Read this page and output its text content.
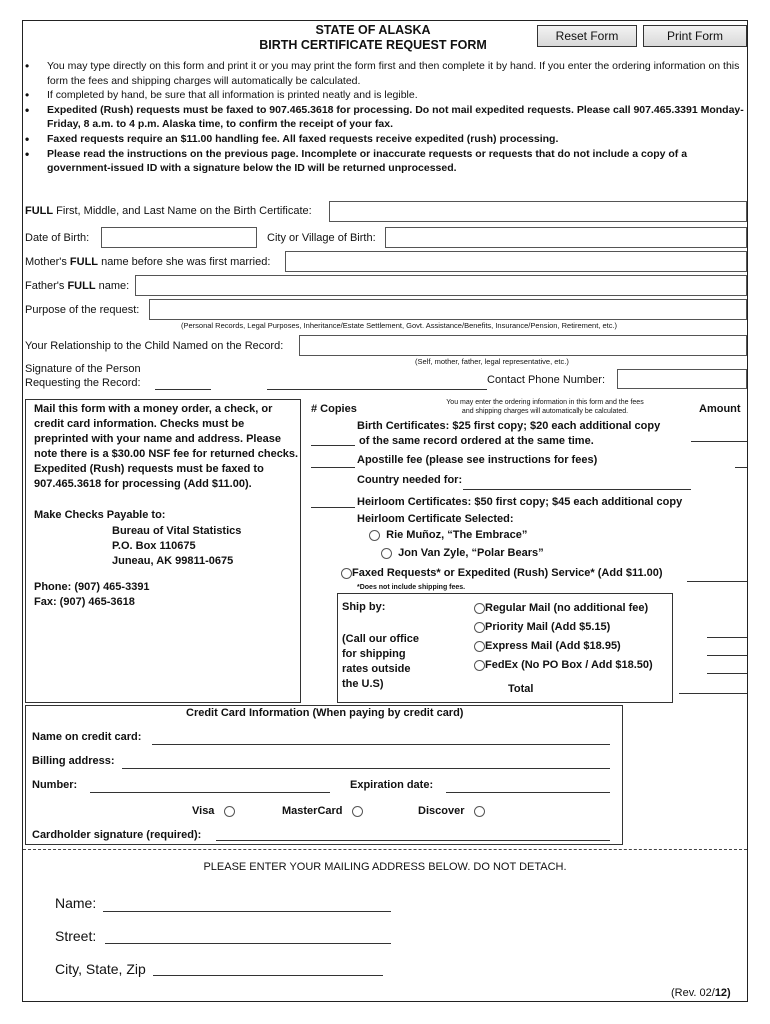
STATE OF ALASKA
BIRTH CERTIFICATE REQUEST FORM
Reset Form	Print Form
• You may type directly on this form and print it or you may print the form first and then complete it by hand. If you enter the ordering information on this form the fees and shipping charges will automatically be calculated.
• If completed by hand, be sure that all information is printed neatly and is legible.
• Expedited (Rush) requests must be faxed to 907.465.3618 for processing. Do not mail expedited requests. Please call 907.465.3391 Monday-Friday, 8 a.m. to 4 p.m. Alaska time, to confirm the receipt of your fax.
• Faxed requests require an $11.00 handling fee. All faxed requests receive expedited (rush) processing.
• Please read the instructions on the previous page. Incomplete or inaccurate requests or requests that do not include a copy of a government-issued ID with a signature below the ID will be returned unprocessed.
FULL First, Middle, and Last Name on the Birth Certificate:
Date of Birth:	City or Village of Birth:
Mother's FULL name before she was first married:
Father's FULL name:
Purpose of the request:
(Personal Records, Legal Purposes, Inheritance/Estate Settlement, Govt. Assistance/Benefits, Insurance/Pension, Retirement, etc.)
Your Relationship to the Child Named on the Record:
(Self, mother, father, legal representative, etc.)
Signature of the Person
Requesting the Record:	Contact Phone Number:
Mail this form with a money order, a check, or
credit card information. Checks must be
preprinted with your name and address. Please
note there is a $30.00 NSF fee for returned checks.
Expedited (Rush) requests must be faxed to
907.465.3618 for processing (Add $11.00).
Make Checks Payable to:
Bureau of Vital Statistics
P.O. Box 110675
Juneau, AK 99811-0675
Phone: (907) 465-3391
Fax: (907) 465-3618
# Copies
You may enter the ordering information in this form and the fees
and shipping charges will automatically be calculated.	Amount
Birth Certificates: $25 first copy; $20 each additional copy
of the same record ordered at the same time.
Apostille fee (please see instructions for fees)
Country needed for:
Heirloom Certificates: $50 first copy; $45 each additional copy
Heirloom Certificate Selected:
Rie Muñoz, “The Embrace”
Jon Van Zyle, “Polar Bears”
Faxed Requests* or Expedited (Rush) Service* (Add $11.00)
*Does not include shipping fees.
Ship by:
(Call our office
for shipping
rates outside
the U.S)
Regular Mail (no additional fee)
Priority Mail (Add $5.15)
Express Mail (Add $18.95)
FedEx (No PO Box / Add $18.50)
Total
Credit Card Information (When paying by credit card)
Name on credit card:
Billing address:
Number:	Expiration date:
Visa	MasterCard	Discover
Cardholder signature (required):
PLEASE ENTER YOUR MAILING ADDRESS BELOW. DO NOT DETACH.
Name:
Street:
City, State, Zip
(Rev. 02/12)
